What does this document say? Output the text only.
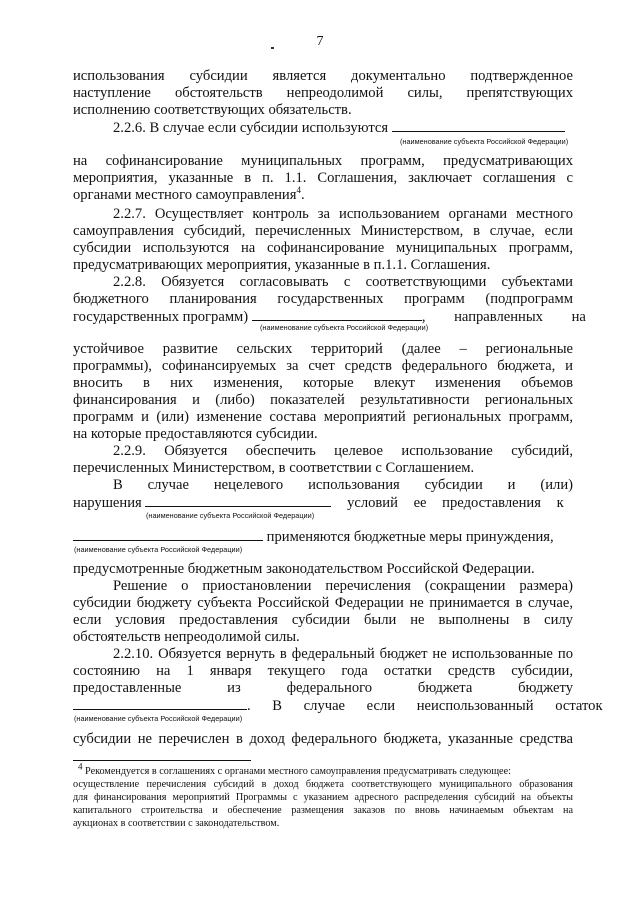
7
использования субсидии является документально подтвержденное
наступление обстоятельств непреодолимой силы, препятствующих
исполнению соответствующих обязательств.
2.2.6. В случае если субсидии используются
(наименование субъекта Российской Федерации)
на софинансирование муниципальных программ, предусматривающих
мероприятия, указанные в п. 1.1. Соглашения, заключает соглашения с
органами местного самоуправления$^4$.
2.2.7. Осуществляет контроль за использованием органами местного
самоуправления субсидий, перечисленных Министерством, в случае, если
субсидии используются на софинансирование муниципальных программ,
предусматривающих мероприятия, указанные в п.1.1. Соглашения.
2.2.8. Обязуется согласовывать с соответствующими субъектами
бюджетного планирования государственных программ (подпрограмм
государственных программ)	, направленных на
(наименование субъекта Российской Федерации)
устойчивое развитие сельских территорий (далее – региональные
программы), софинансируемых за счет средств федерального бюджета, и
вносить в них изменения, которые влекут изменения объемов
финансирования и (либо) показателей результативности региональных
программ и (или) изменение состава мероприятий региональных программ,
на которые предоставляются субсидии.
2.2.9. Обязуется обеспечить целевое использование субсидий,
перечисленных Министерством, в соответствии с Соглашением.
В случае нецелевого использования субсидии и (или)
нарушения	условий ее предоставления к
(наименование субъекта Российской Федерации)
применяются бюджетные меры принуждения,
(наименование субъекта Российской Федерации)
предусмотренные бюджетным законодательством Российской Федерации.
Решение о приостановлении перечисления (сокращении размера)
субсидии бюджету субъекта Российской Федерации не принимается в случае,
если условия предоставления субсидии были не выполнены в силу
обстоятельств непреодолимой силы.
2.2.10. Обязуется вернуть в федеральный бюджет не использованные по
состоянию на 1 января текущего года остатки средств субсидии,
предоставленные из федерального бюджета бюджету
. В случае если неиспользованный остаток
(наименование субъекта Российской Федерации)
субсидии не перечислен в доход федерального бюджета, указанные средства
$^4$ Рекомендуется в соглашениях с органами местного самоуправления предусматривать следующее:
осуществление перечисления субсидий в доход бюджета соответствующего муниципального образования
для финансирования мероприятий Программы с указанием адресного распределения субсидий на объекты
капитального строительства и обеспечение размещения заказов по вновь начинаемым объектам на
аукционах в соответствии с законодательством.
